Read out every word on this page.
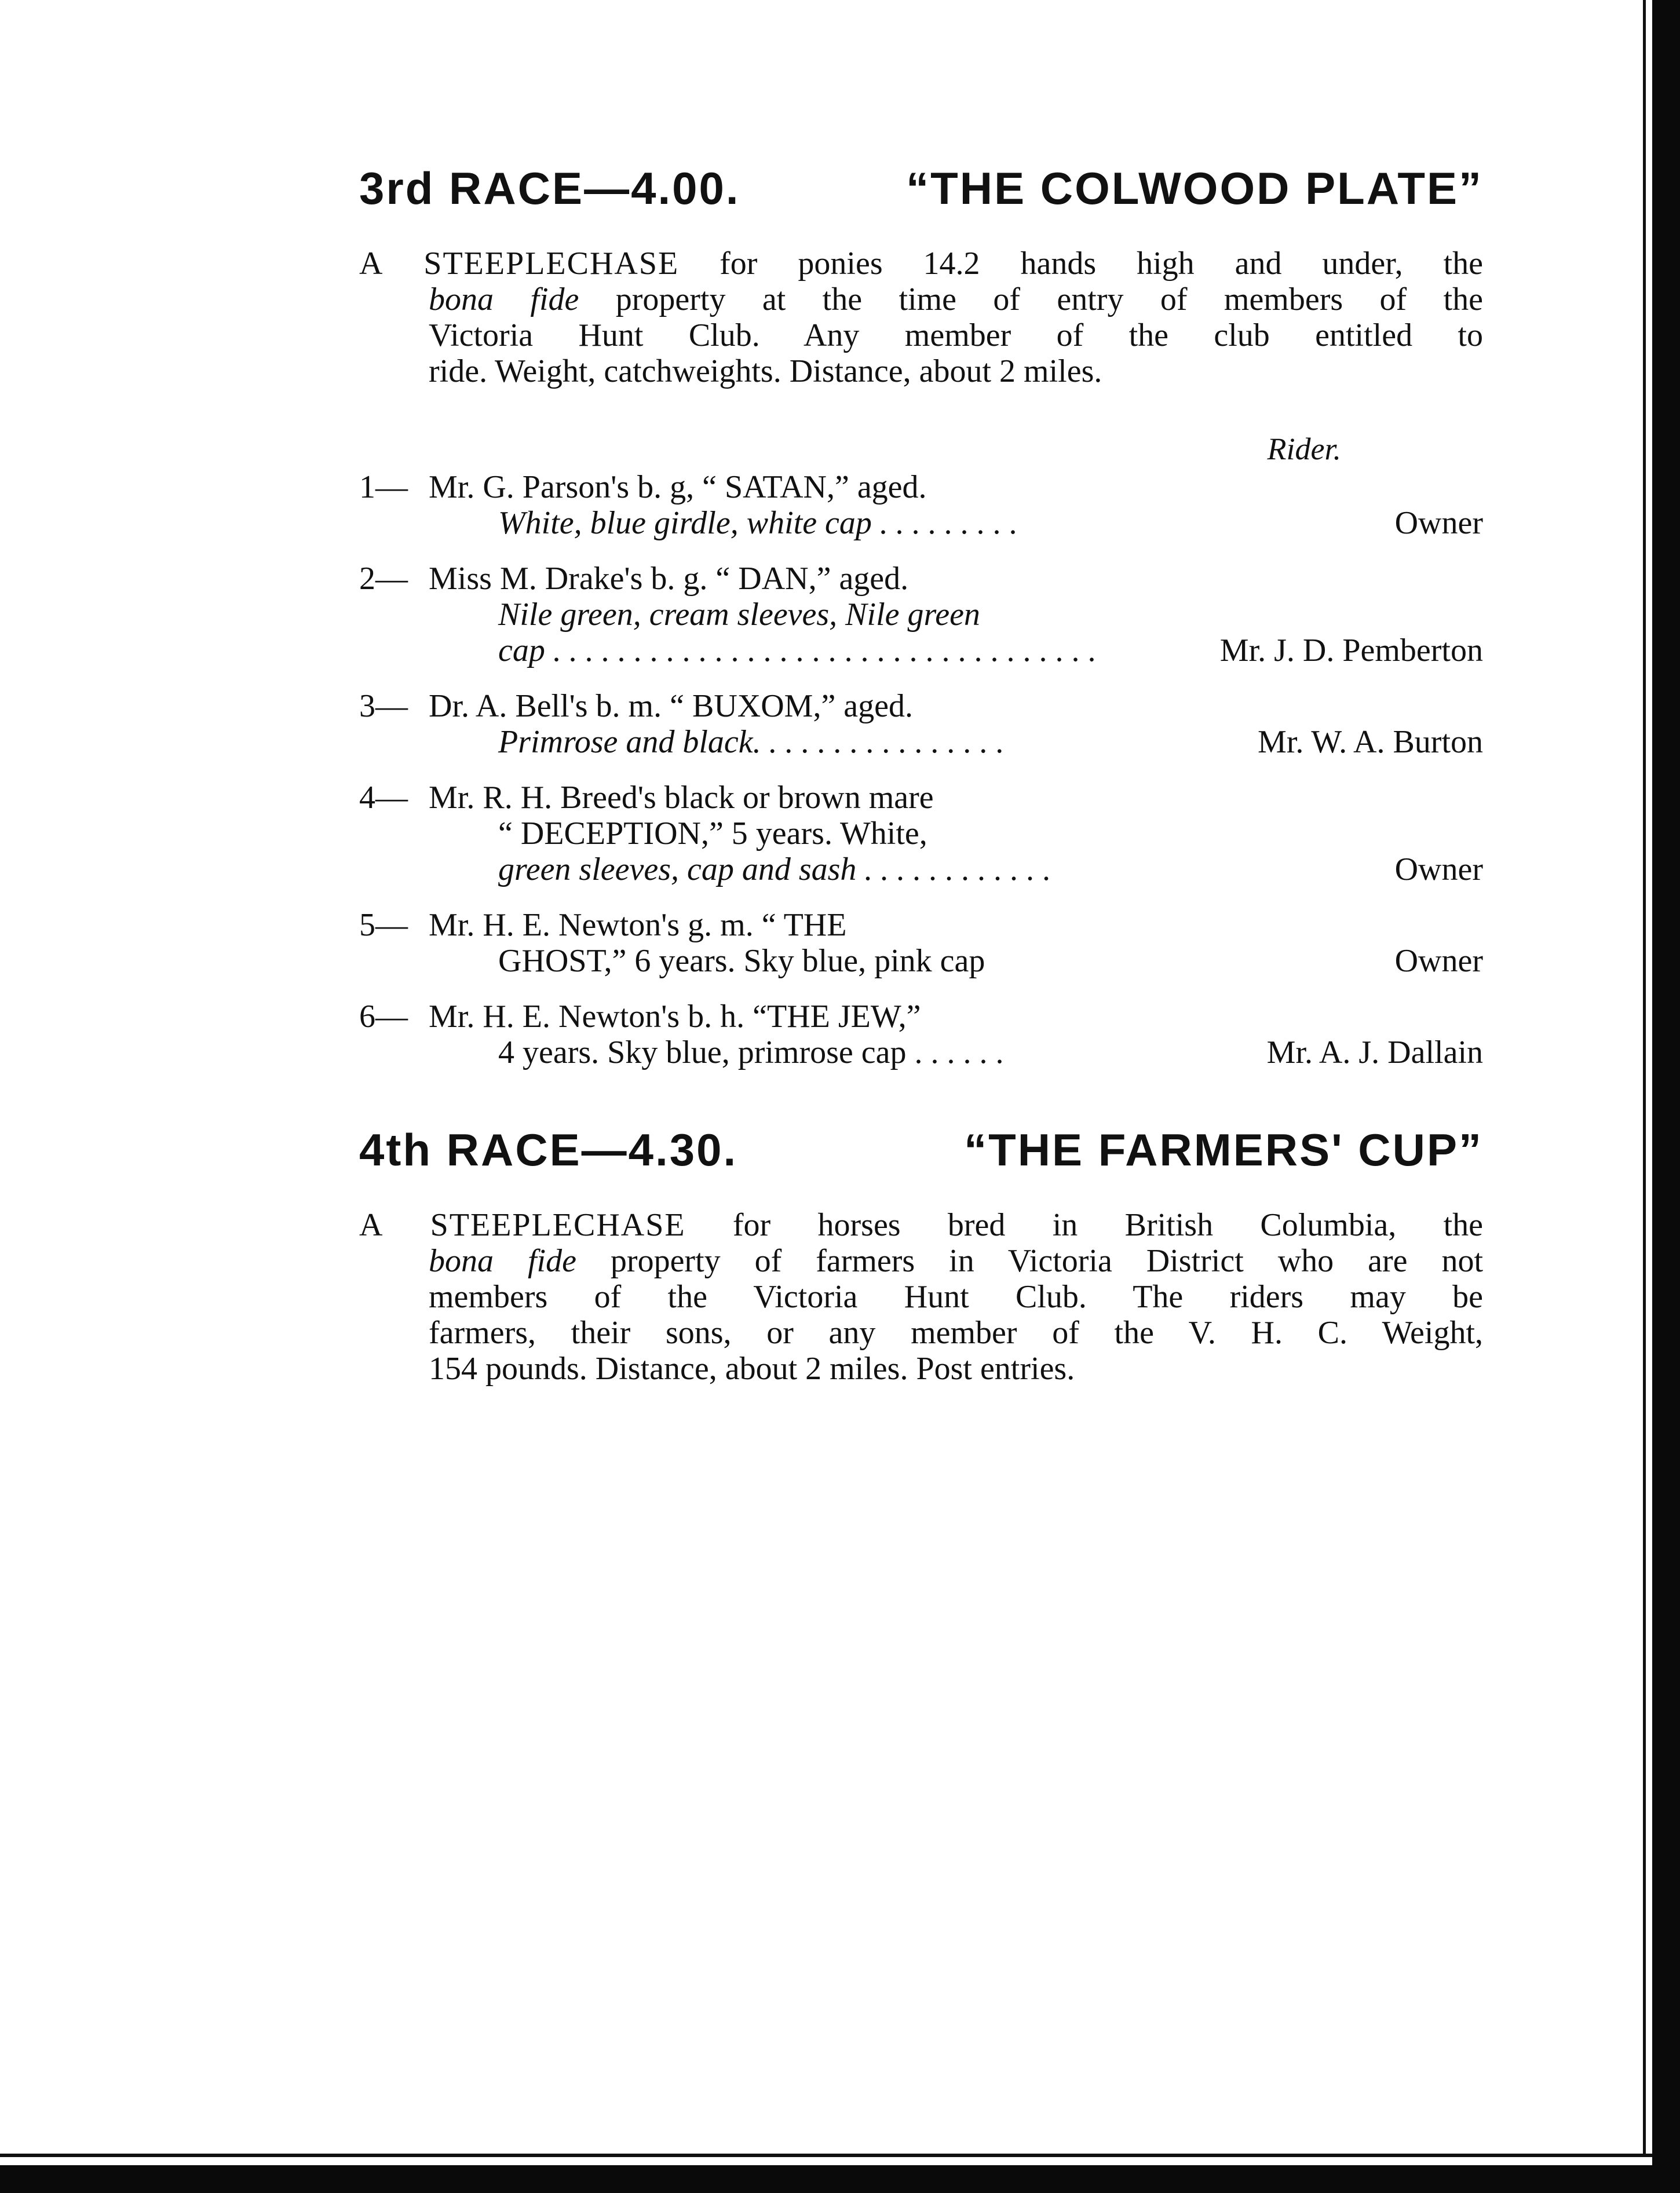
3rd RACE—4.00.	“THE COLWOOD PLATE”
A STEEPLECHASE for ponies 14.2 hands high and under, the
bona fide property at the time of entry of members of the
Victoria Hunt Club. Any member of the club entitled to
ride. Weight, catchweights. Distance, about 2 miles.
Rider.
1— Mr. G. Parson's b. g, “ SATAN,” aged.
White, blue girdle, white cap . . . . . . . . .	Owner
2— Miss M. Drake's b. g. “ DAN,” aged.
Nile green, cream sleeves, Nile green
cap . . . . . . . . . . . . . . . . . . . . . . . . . . . . . . . . . .	Mr. J. D. Pemberton
3— Dr. A. Bell's b. m. “ BUXOM,” aged.
Primrose and black. . . . . . . . . . . . . . . .	Mr. W. A. Burton
4— Mr. R. H. Breed's black or brown mare
“ DECEPTION,” 5 years. White,
green sleeves, cap and sash . . . . . . . . . . . .	Owner
5— Mr. H. E. Newton's g. m. “ THE
GHOST,” 6 years. Sky blue, pink cap	Owner
6— Mr. H. E. Newton's b. h. “THE JEW,”
4 years. Sky blue, primrose cap . . . . . .	Mr. A. J. Dallain
4th RACE—4.30.	“THE FARMERS' CUP”
A STEEPLECHASE for horses bred in British Columbia, the
bona fide property of farmers in Victoria District who are not
members of the Victoria Hunt Club. The riders may be
farmers, their sons, or any member of the V. H. C. Weight,
154 pounds. Distance, about 2 miles. Post entries.
